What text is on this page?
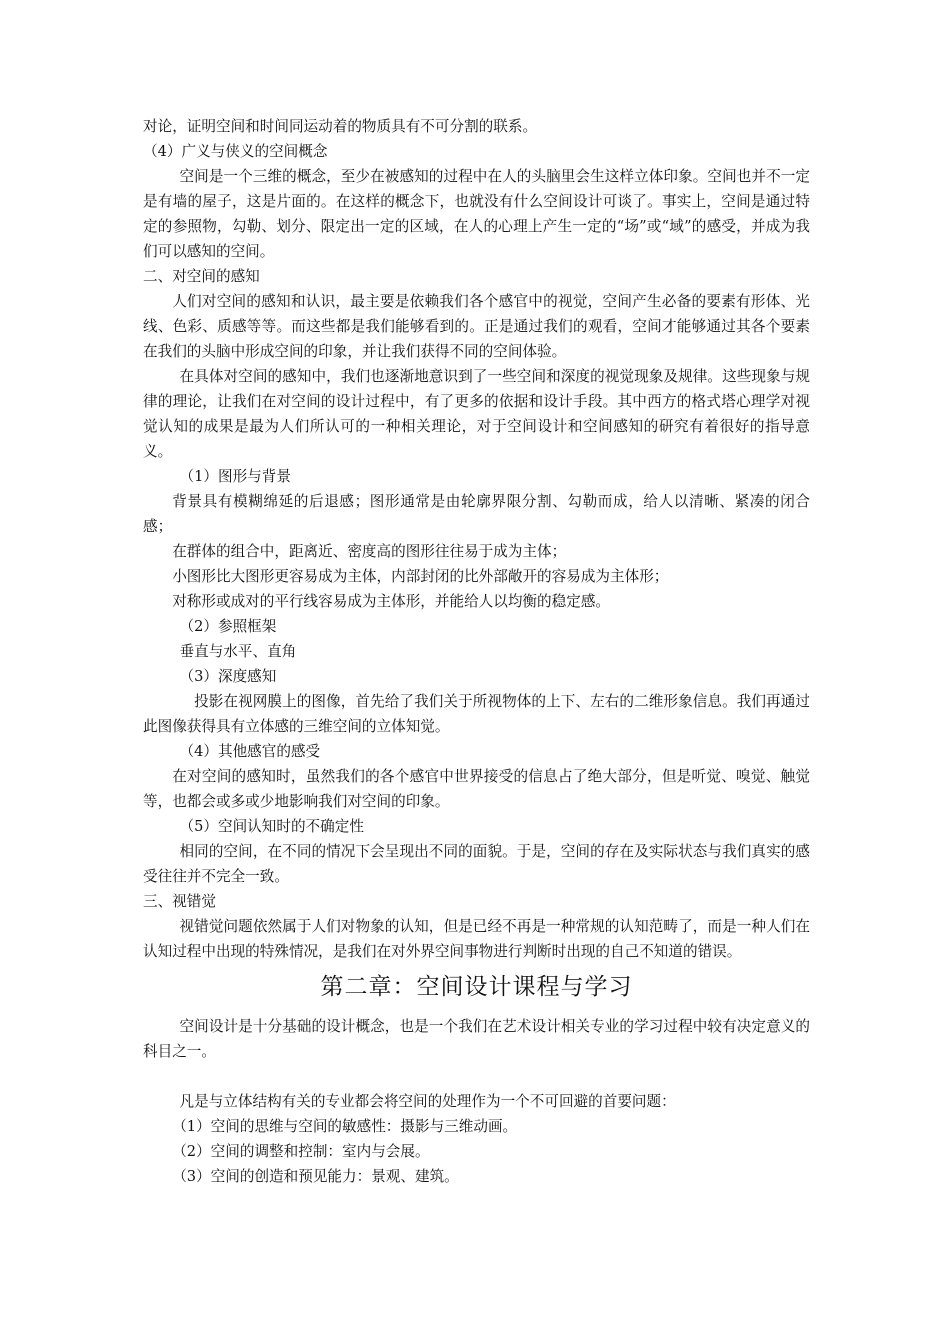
对论，证明空间和时间同运动着的物质具有不可分割的联系。

（4）广义与侠义的空间概念

空间是一个三维的概念，至少在被感知的过程中在人的头脑里会生这样立体印象。空间也并不一定是有墙的屋子，这是片面的。在这样的概念下，也就没有什么空间设计可谈了。事实上，空间是通过特定的参照物，勾勒、划分、限定出一定的区域，在人的心理上产生一定的“场”或“域”的感受，并成为我们可以感知的空间。

二、对空间的感知

人们对空间的感知和认识，最主要是依赖我们各个感官中的视觉，空间产生必备的要素有形体、光线、色彩、质感等等。而这些都是我们能够看到的。正是通过我们的观看，空间才能够通过其各个要素在我们的头脑中形成空间的印象，并让我们获得不同的空间体验。

在具体对空间的感知中，我们也逐渐地意识到了一些空间和深度的视觉现象及规律。这些现象与规律的理论，让我们在对空间的设计过程中，有了更多的依据和设计手段。其中西方的格式塔心理学对视觉认知的成果是最为人们所认可的一种相关理论，对于空间设计和空间感知的研究有着很好的指导意义。

（1）图形与背景

背景具有模糊绵延的后退感；图形通常是由轮廓界限分割、勾勒而成，给人以清晰、紧凑的闭合感；

在群体的组合中，距离近、密度高的图形往往易于成为主体；

小图形比大图形更容易成为主体，内部封闭的比外部敞开的容易成为主体形；

对称形或成对的平行线容易成为主体形，并能给人以均衡的稳定感。

（2）参照框架

垂直与水平、直角

（3）深度感知

投影在视网膜上的图像，首先给了我们关于所视物体的上下、左右的二维形象信息。我们再通过此图像获得具有立体感的三维空间的立体知觉。

（4）其他感官的感受

在对空间的感知时，虽然我们的各个感官中世界接受的信息占了绝大部分，但是听觉、嗅觉、触觉等，也都会或多或少地影响我们对空间的印象。

（5）空间认知时的不确定性

相同的空间，在不同的情况下会呈现出不同的面貌。于是，空间的存在及实际状态与我们真实的感受往往并不完全一致。

三、视错觉

视错觉问题依然属于人们对物象的认知，但是已经不再是一种常规的认知范畴了，而是一种人们在认知过程中出现的特殊情况，是我们在对外界空间事物进行判断时出现的自己不知道的错误。

第二章：空间设计课程与学习

空间设计是十分基础的设计概念，也是一个我们在艺术设计相关专业的学习过程中较有决定意义的科目之一。

凡是与立体结构有关的专业都会将空间的处理作为一个不可回避的首要问题：

（1）空间的思维与空间的敏感性：摄影与三维动画。

（2）空间的调整和控制：室内与会展。

（3）空间的创造和预见能力：景观、建筑。
